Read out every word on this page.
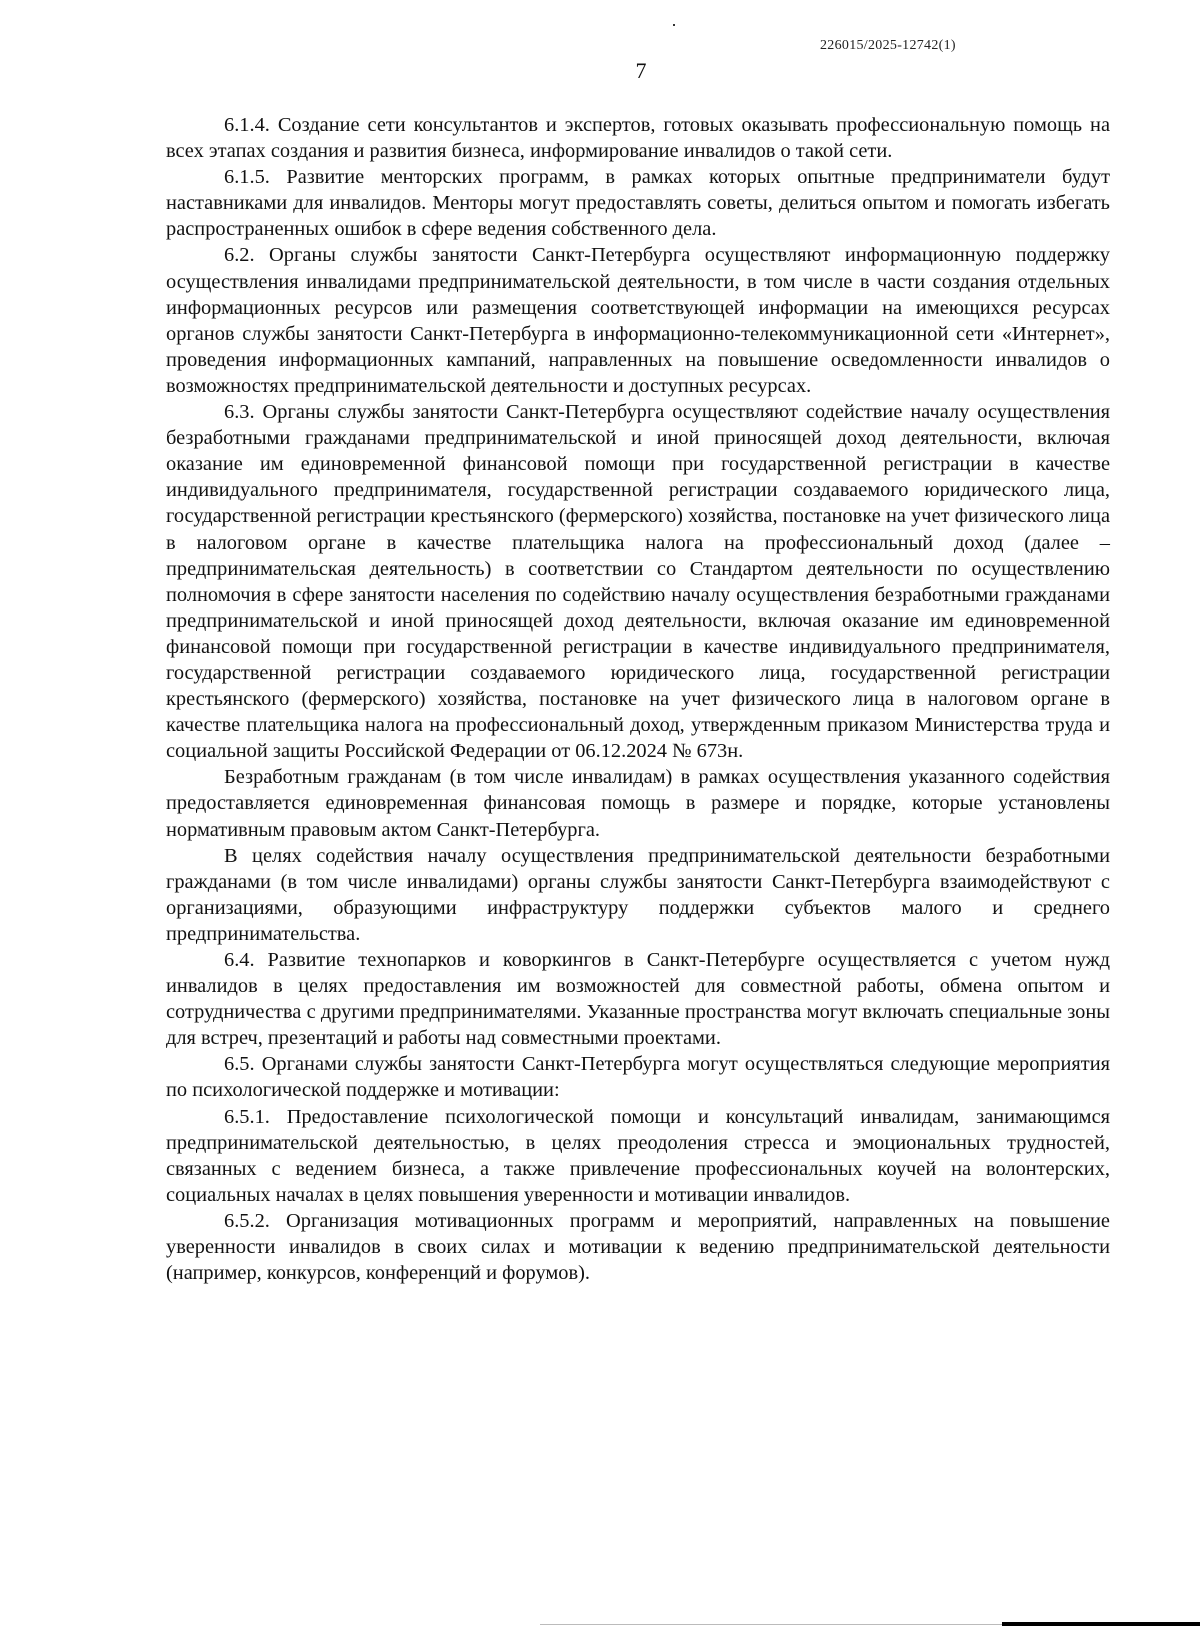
226015/2025-12742(1)
7

6.1.4. Создание сети консультантов и экспертов, готовых оказывать профессиональную помощь на всех этапах создания и развития бизнеса, информирование инвалидов о такой сети.

6.1.5. Развитие менторских программ, в рамках которых опытные предприниматели будут наставниками для инвалидов. Менторы могут предоставлять советы, делиться опытом и помогать избегать распространенных ошибок в сфере ведения собственного дела.

6.2. Органы службы занятости Санкт-Петербурга осуществляют информационную поддержку осуществления инвалидами предпринимательской деятельности, в том числе в части создания отдельных информационных ресурсов или размещения соответствующей информации на имеющихся ресурсах органов службы занятости Санкт-Петербурга в информационно-телекоммуникационной сети «Интернет», проведения информационных кампаний, направленных на повышение осведомленности инвалидов о возможностях предпринимательской деятельности и доступных ресурсах.

6.3. Органы службы занятости Санкт-Петербурга осуществляют содействие началу осуществления безработными гражданами предпринимательской и иной приносящей доход деятельности, включая оказание им единовременной финансовой помощи при государственной регистрации в качестве индивидуального предпринимателя, государственной регистрации создаваемого юридического лица, государственной регистрации крестьянского (фермерского) хозяйства, постановке на учет физического лица в налоговом органе в качестве плательщика налога на профессиональный доход (далее – предпринимательская деятельность) в соответствии со Стандартом деятельности по осуществлению полномочия в сфере занятости населения по содействию началу осуществления безработными гражданами предпринимательской и иной приносящей доход деятельности, включая оказание им единовременной финансовой помощи при государственной регистрации в качестве индивидуального предпринимателя, государственной регистрации создаваемого юридического лица, государственной регистрации крестьянского (фермерского) хозяйства, постановке на учет физического лица в налоговом органе в качестве плательщика налога на профессиональный доход, утвержденным приказом Министерства труда и социальной защиты Российской Федерации от 06.12.2024 № 673н.

Безработным гражданам (в том числе инвалидам) в рамках осуществления указанного содействия предоставляется единовременная финансовая помощь в размере и порядке, которые установлены нормативным правовым актом Санкт-Петербурга.

В целях содействия началу осуществления предпринимательской деятельности безработными гражданами (в том числе инвалидами) органы службы занятости Санкт-Петербурга взаимодействуют с организациями, образующими инфраструктуру поддержки субъектов малого и среднего предпринимательства.

6.4. Развитие технопарков и коворкингов в Санкт-Петербурге осуществляется с учетом нужд инвалидов в целях предоставления им возможностей для совместной работы, обмена опытом и сотрудничества с другими предпринимателями. Указанные пространства могут включать специальные зоны для встреч, презентаций и работы над совместными проектами.

6.5. Органами службы занятости Санкт-Петербурга могут осуществляться следующие мероприятия по психологической поддержке и мотивации:

6.5.1. Предоставление психологической помощи и консультаций инвалидам, занимающимся предпринимательской деятельностью, в целях преодоления стресса и эмоциональных трудностей, связанных с ведением бизнеса, а также привлечение профессиональных коучей на волонтерских, социальных началах в целях повышения уверенности и мотивации инвалидов.

6.5.2. Организация мотивационных программ и мероприятий, направленных на повышение уверенности инвалидов в своих силах и мотивации к ведению предпринимательской деятельности (например, конкурсов, конференций и форумов).
